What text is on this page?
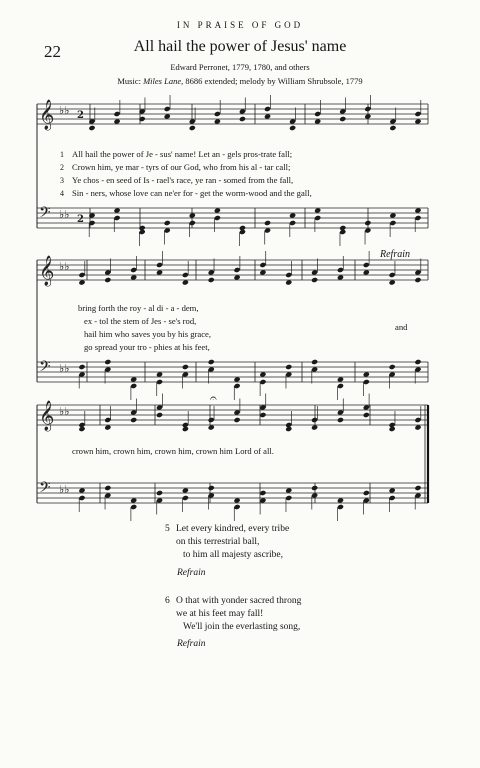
IN PRAISE OF GOD
22	All hail the power of Jesus' name
Edward Perronet, 1779, 1780, and others
Music: Miles Lane, 8686 extended; melody by William Shrubsole, 1779
𝄞 ♭♭ 2
𝄢 ♭♭ 2
𝄞 ♭♭
𝄢 ♭♭
𝄞 ♭♭
𝄢 ♭♭
𝄐
Refrain
1
2
3
4
All hail the power of Je - sus' name! Let an - gels pros-trate fall;
Crown him, ye mar - tyrs of our God, who from his al - tar call;
Ye chos - en seed of Is - rael's race, ye ran - somed from the fall,
Sin - ners, whose love can ne'er for - get the worm-wood and the gall,
bring forth the roy - al di - a - dem,
ex - tol the stem of Jes - se's rod,
hail him who saves you by his grace,
go spread your tro - phies at his feet,
and
crown him, crown him, crown him, crown him Lord of all.
5 Let every kindred, every tribe
on this terrestrial ball,
to him all majesty ascribe,
Refrain
6 O that with yonder sacred throng
we at his feet may fall!
We'll join the everlasting song,
Refrain
